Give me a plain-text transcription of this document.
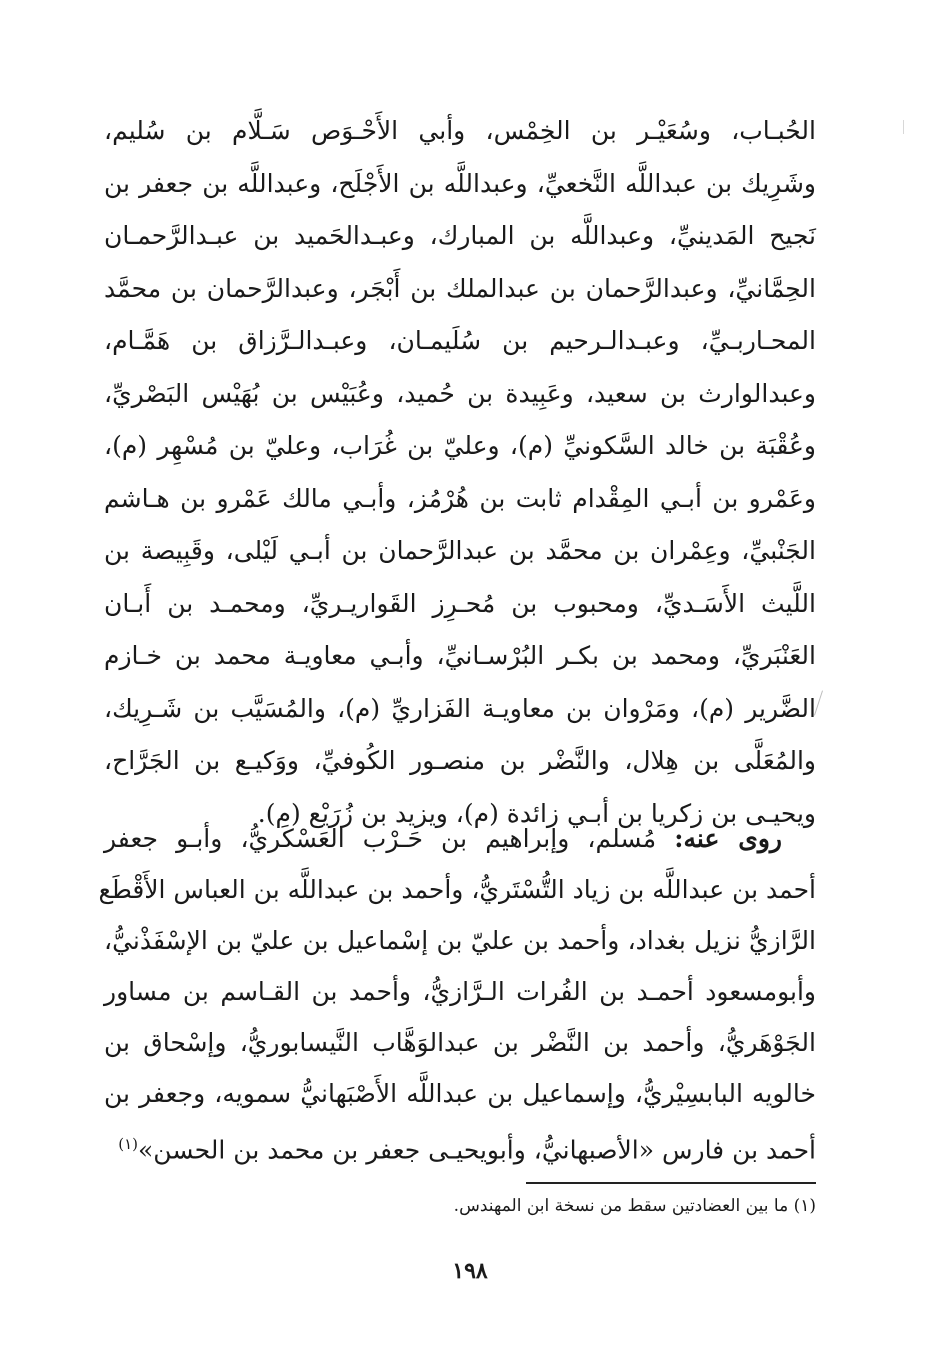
الحُبـاب، وسُعَيْـر بن الخِمْس، وأبي الأَحْـوَص سَـلَّام بن سُليم،
وشَرِيك بن عبداللَّه النَّخعيِّ، وعبداللَّه بن الأَجْلَح، وعبداللَّه بن جعفر بن
نَجيح المَدينيِّ، وعبداللَّه بن المبارك، وعبـدالحَميد بن عبـدالرَّحمـان
الحِمَّانيِّ، وعبدالرَّحمان بن عبدالملك بن أَبْجَر، وعبدالرَّحمان بن محمَّد
المحـاربـيِّ، وعبـدالـرحيم بن سُلَيمـان، وعبـدالـرَّزاق بن هَمَّـام،
وعبدالوارث بن سعيد، وعَبِيدة بن حُميد، وعُبَيْس بن بُهَيْس البَصْريِّ،
وعُقْبَة بن خالد السَّكونيِّ (م)، وعليّ بن غُرَاب، وعليّ بن مُسْهِر (م)،
وعَمْرو بن أبـي المِقْدام ثابت بن هُرْمُز، وأبـي مالك عَمْرو بن هـاشم
الجَنْبيِّ، وعِمْران بن محمَّد بن عبدالرَّحمان بن أبـي لَيْلى، وقَبِيصة بن
اللَّيث الأَسَـديِّ، ومحبوب بن مُحـرِز القَواريـريِّ، ومحمـد بن أَبـان
العَنْبَريِّ، ومحمد بن بكـر البُرْسـانيِّ، وأبـي معاويـة محمد بن خـازم
الضَّرير (م)، ومَرْوان بن معاويـة الفَزاريِّ (م)، والمُسَيَّب بن شَـرِيك،
والمُعَلَّى بن هِلال، والنَّضْر بن منصـور الكُوفيِّ، ووَكيـع بن الجَرَّاح،
ويحيـى بن زكريا بن أبـي زائدة (م)، ويزيد بن زُرَيْع (م).
روى عنه: مُسلم، وإبراهيم بن حَـرْب العَسْكَريُّ، وأبـو جعفر
أحمد بن عبداللَّه بن زياد التُّسْتَريُّ، وأحمد بن عبداللَّه بن العباس الأَقْطَع
الرَّازيُّ نزيل بغداد، وأحمد بن عليّ بن إسْماعيل بن عليّ بن الإسْفَذْنيُّ،
وأبومسعود أحمـد بن الفُرات الـرَّازيُّ، وأحمد بن القـاسم بن مساور
الجَوْهَريُّ، وأحمد بن النَّضْر بن عبدالوَهَّاب النَّيسابوريُّ، وإسْحاق بن
خالويه البابسِيْريُّ، وإسماعيل بن عبداللَّه الأَصْبَهانيُّ سمويه، وجعفر بن
أحمد بن فارس «الأصبهانيُّ، وأبويحيـى جعفر بن محمد بن الحسن»$^{(١)}$
(١) ما بين العضادتين سقط من نسخة ابن المهندس.
١٩٨
